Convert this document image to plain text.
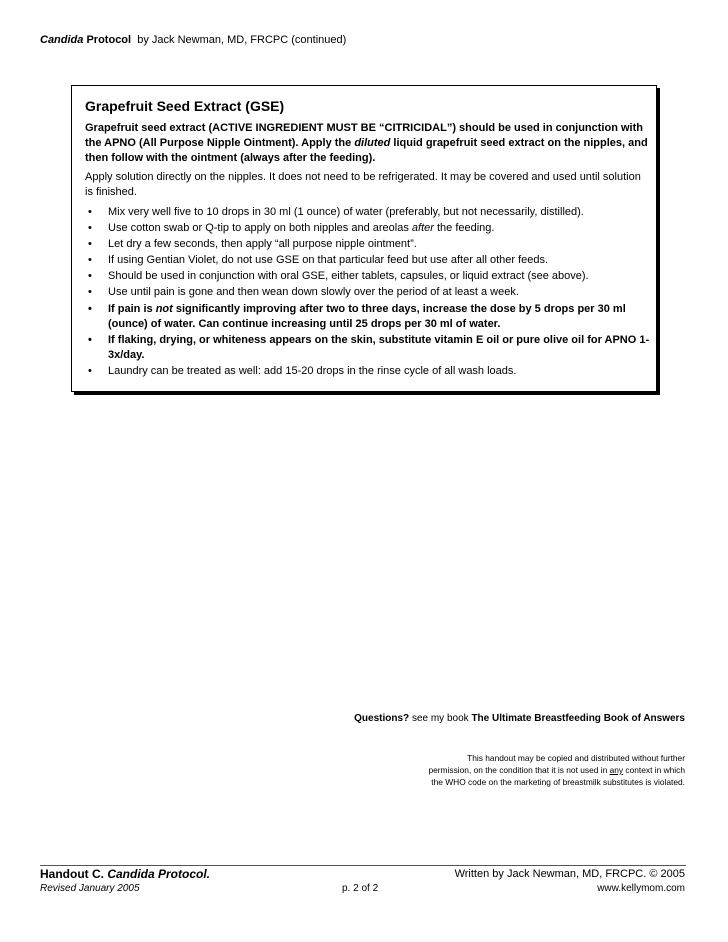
Candida Protocol by Jack Newman, MD, FRCPC (continued)
Grapefruit Seed Extract (GSE)
Grapefruit seed extract (ACTIVE INGREDIENT MUST BE “CITRICIDAL”) should be used in conjunction with the APNO (All Purpose Nipple Ointment). Apply the diluted liquid grapefruit seed extract on the nipples, and then follow with the ointment (always after the feeding).
Apply solution directly on the nipples. It does not need to be refrigerated. It may be covered and used until solution is finished.
• Mix very well five to 10 drops in 30 ml (1 ounce) of water (preferably, but not necessarily, distilled).
• Use cotton swab or Q-tip to apply on both nipples and areolas after the feeding.
• Let dry a few seconds, then apply “all purpose nipple ointment”.
• If using Gentian Violet, do not use GSE on that particular feed but use after all other feeds.
• Should be used in conjunction with oral GSE, either tablets, capsules, or liquid extract (see above).
• Use until pain is gone and then wean down slowly over the period of at least a week.
• If pain is not significantly improving after two to three days, increase the dose by 5 drops per 30 ml (ounce) of water. Can continue increasing until 25 drops per 30 ml of water.
• If flaking, drying, or whiteness appears on the skin, substitute vitamin E oil or pure olive oil for APNO 1-3x/day.
• Laundry can be treated as well: add 15-20 drops in the rinse cycle of all wash loads.
Questions? see my book The Ultimate Breastfeeding Book of Answers
This handout may be copied and distributed without further
permission, on the condition that it is not used in any context in which
the WHO code on the marketing of breastmilk substitutes is violated.
Handout C. Candida Protocol.
Revised January 2005	p. 2 of 2
Written by Jack Newman, MD, FRCPC. © 2005
www.kellymom.com
